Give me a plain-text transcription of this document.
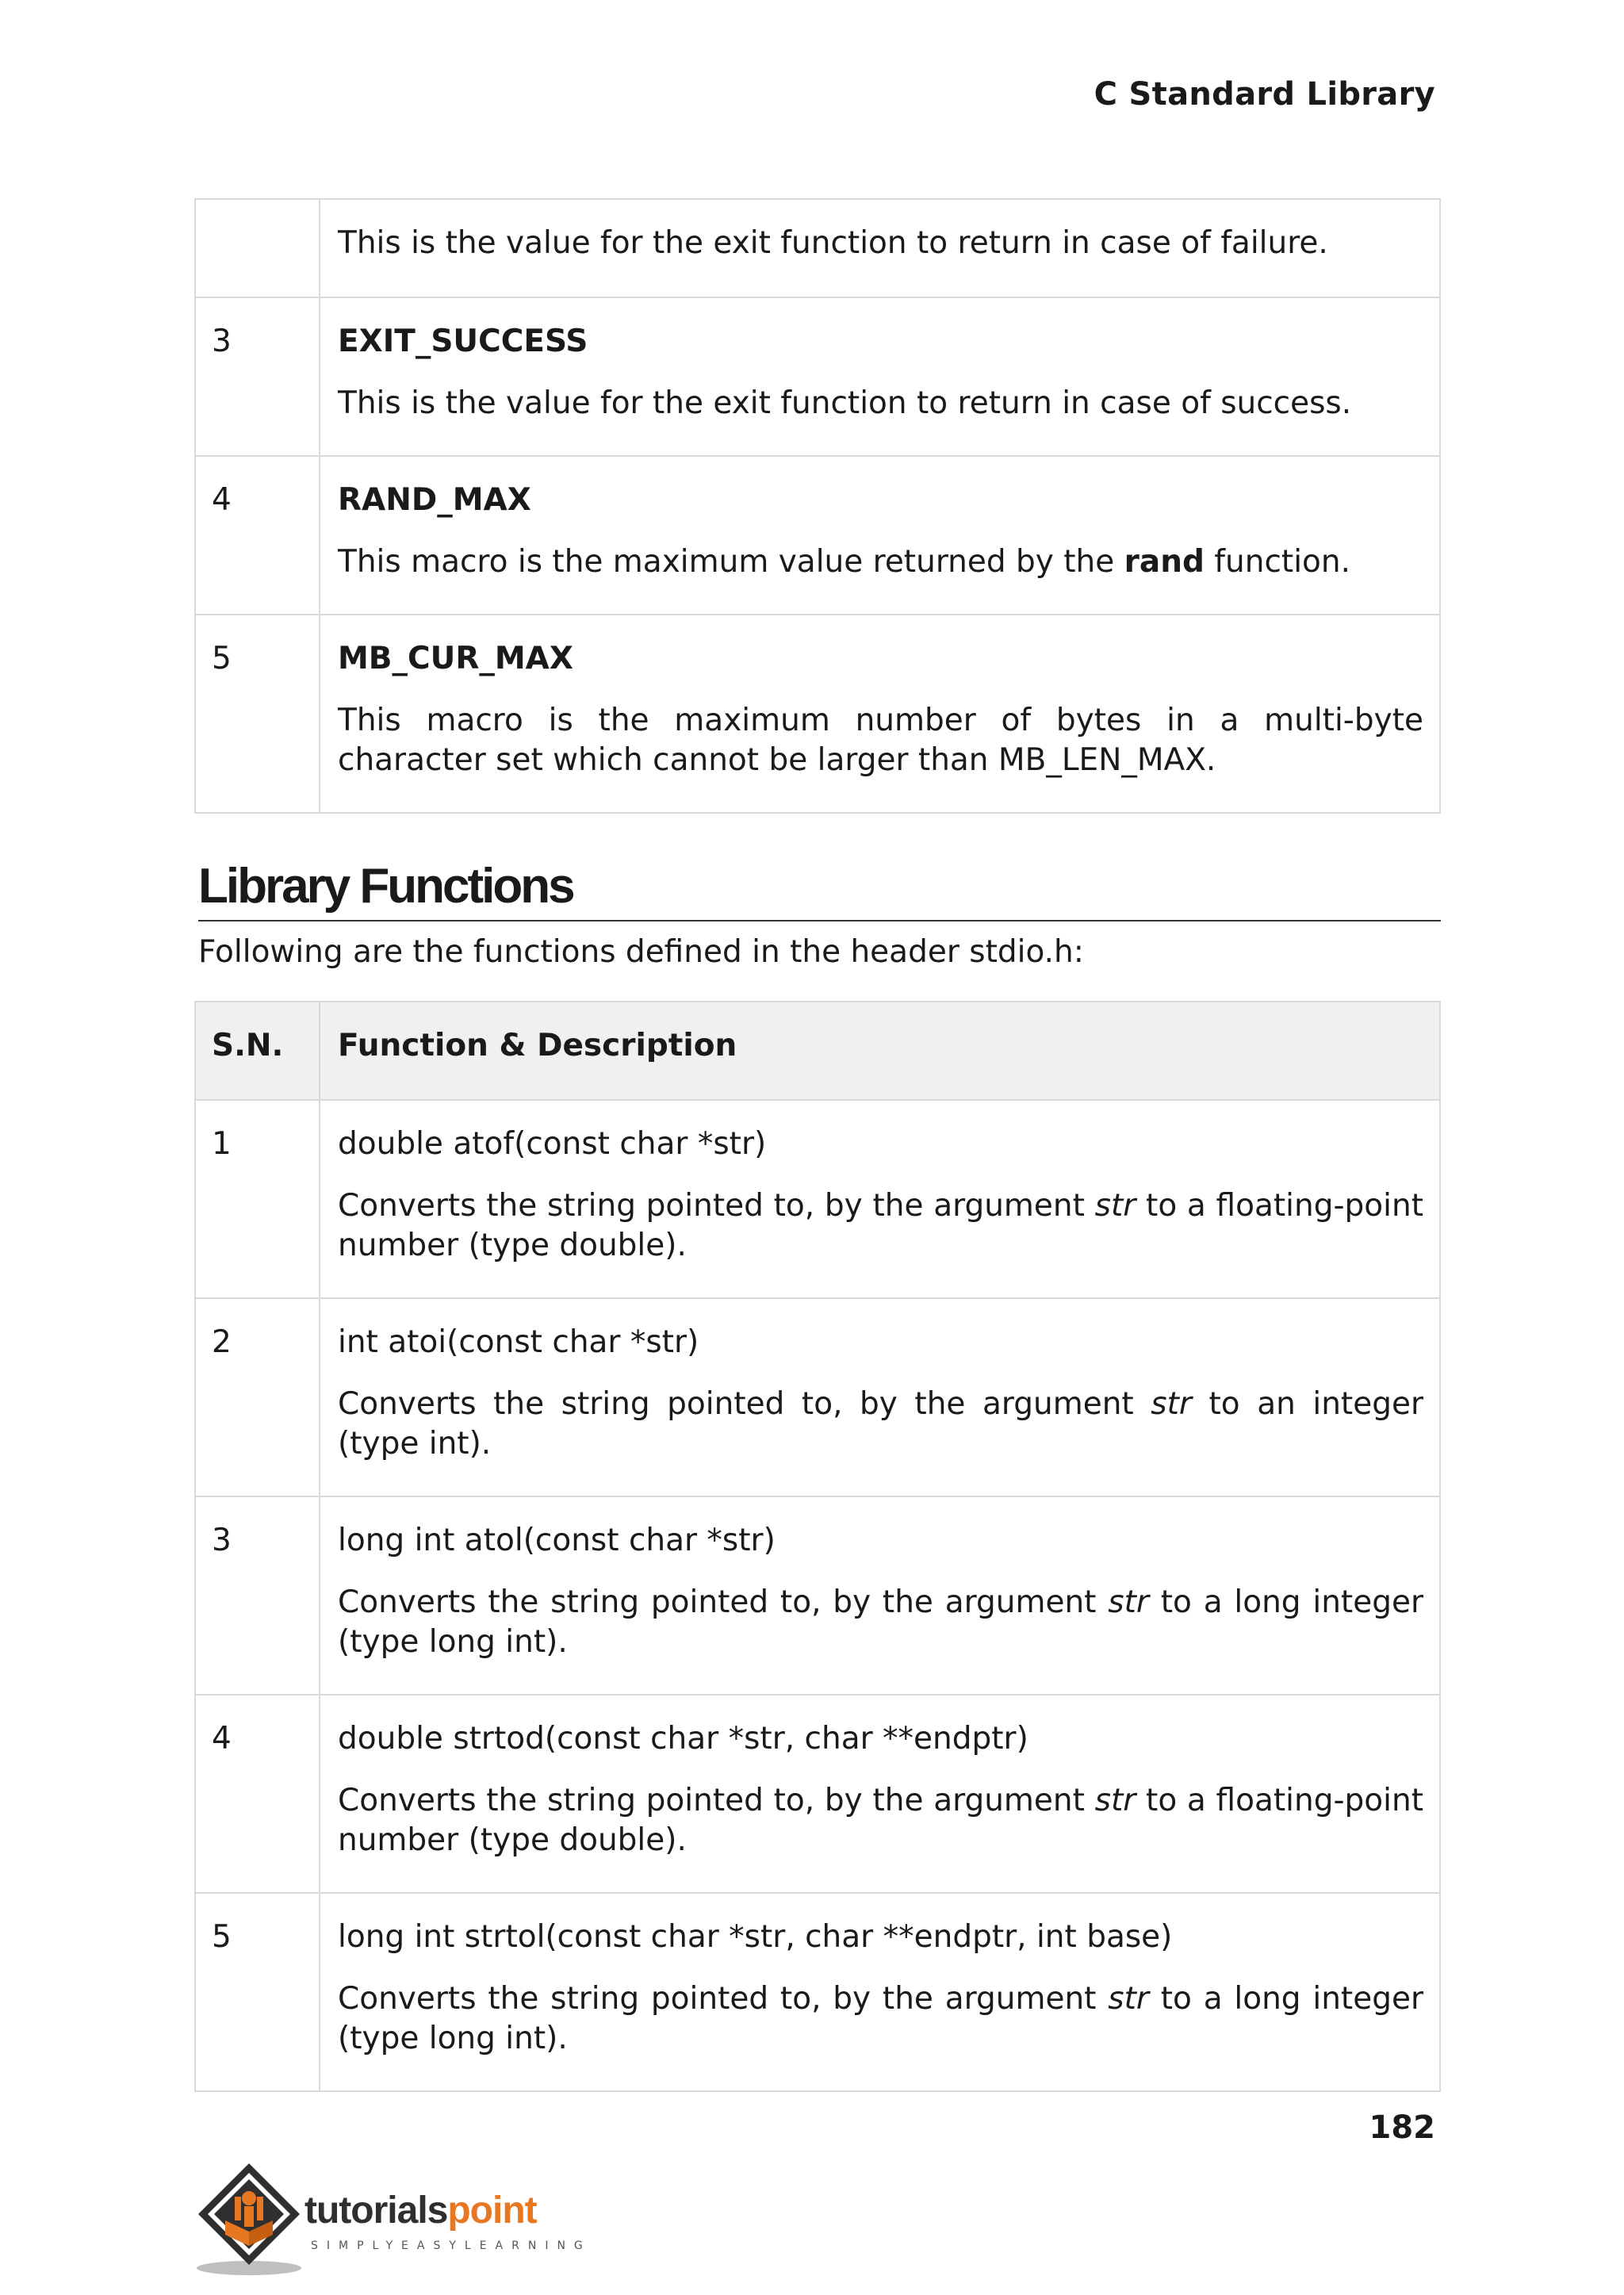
C Standard Library

	This is the value for the exit function to return in case of failure.

3	EXIT_SUCCESS

This is the value for the exit function to return in case of success.

4	RAND_MAX

This macro is the maximum value returned by the rand function.

5	MB_CUR_MAX

This macro is the maximum number of bytes in a multi-byte character set which cannot be larger than MB_LEN_MAX.

Library Functions

Following are the functions defined in the header stdio.h:

S.N.	Function & Description
1	double atof(const char *str)

Converts the string pointed to, by the argument str to a floating-point number (type double).

2	int atoi(const char *str)

Converts the string pointed to, by the argument str to an integer (type int).

3	long int atol(const char *str)

Converts the string pointed to, by the argument str to a long integer (type long int).

4	double strtod(const char *str, char **endptr)

Converts the string pointed to, by the argument str to a floating-point number (type double).

5	long int strtol(const char *str, char **endptr, int base)

Converts the string pointed to, by the argument str to a long integer (type long int).

182
tutorialspoint
SIMPLYEASYLEARNING
